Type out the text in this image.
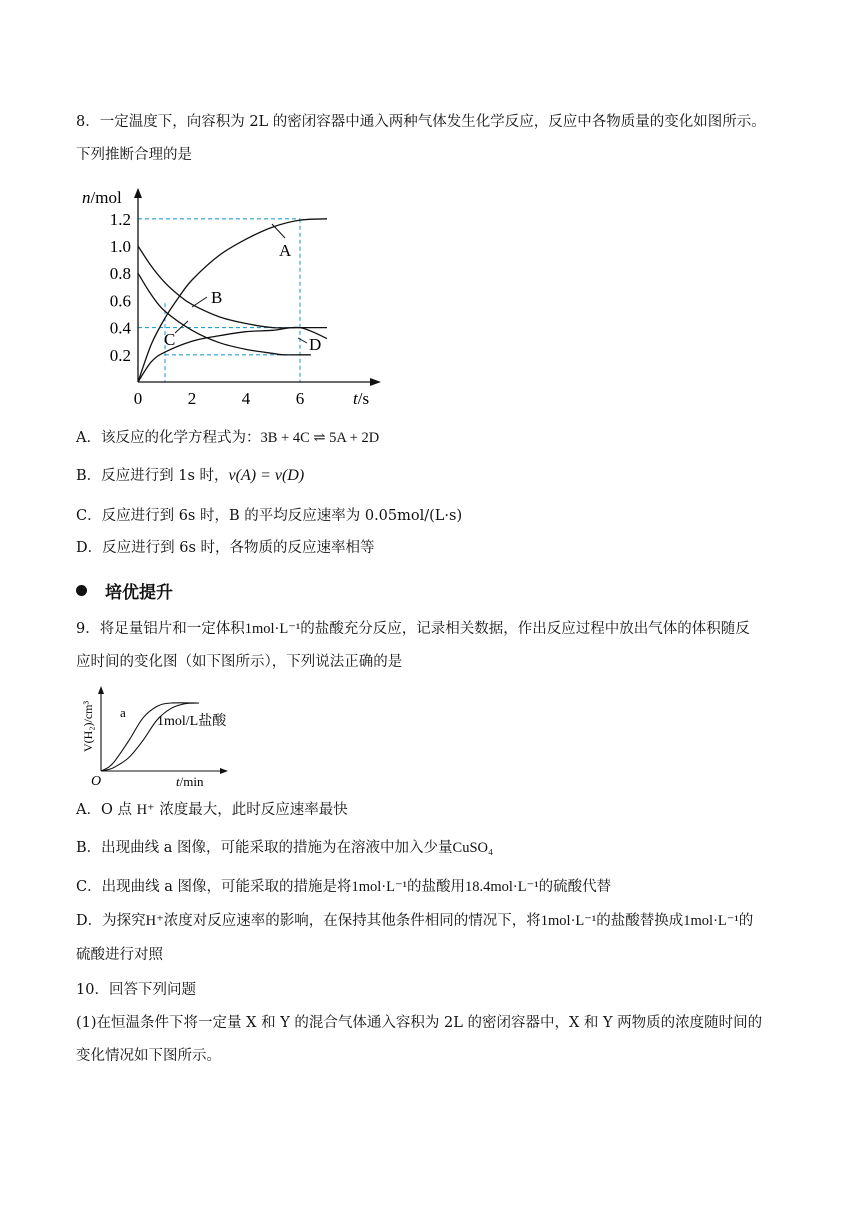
8．一定温度下，向容积为 2L 的密闭容器中通入两种气体发生化学反应，反应中各物质量的变化如图所示。
下列推断合理的是
0.2
0.4
0.6
0.8
1.0
1.2
0	2	4	6
n/mol
t/s
A
B
C	D
A．该反应的化学方程式为：3B + 4C ⇌ 5A + 2D
B．反应进行到 1s 时，v(A) = v(D)
C．反应进行到 6s 时，B 的平均反应速率为 0.05mol/(L·s)
D．反应进行到 6s 时，各物质的反应速率相等
培优提升
9．将足量铝片和一定体积1mol·L⁻¹的盐酸充分反应，记录相关数据，作出反应过程中放出气体的体积随反
应时间的变化图（如下图所示），下列说法正确的是
a
1mol/L盐酸
O	t/min
V(H₂)/cm³
A．O 点 H⁺ 浓度最大，此时反应速率最快
B．出现曲线 a 图像，可能采取的措施为在溶液中加入少量CuSO₄
C．出现曲线 a 图像，可能采取的措施是将1mol·L⁻¹的盐酸用18.4mol·L⁻¹的硫酸代替
D．为探究H⁺浓度对反应速率的影响，在保持其他条件相同的情况下，将1mol·L⁻¹的盐酸替换成1mol·L⁻¹的
硫酸进行对照
10．回答下列问题
(1)在恒温条件下将一定量 X 和 Y 的混合气体通入容积为 2L 的密闭容器中，X 和 Y 两物质的浓度随时间的
变化情况如下图所示。
